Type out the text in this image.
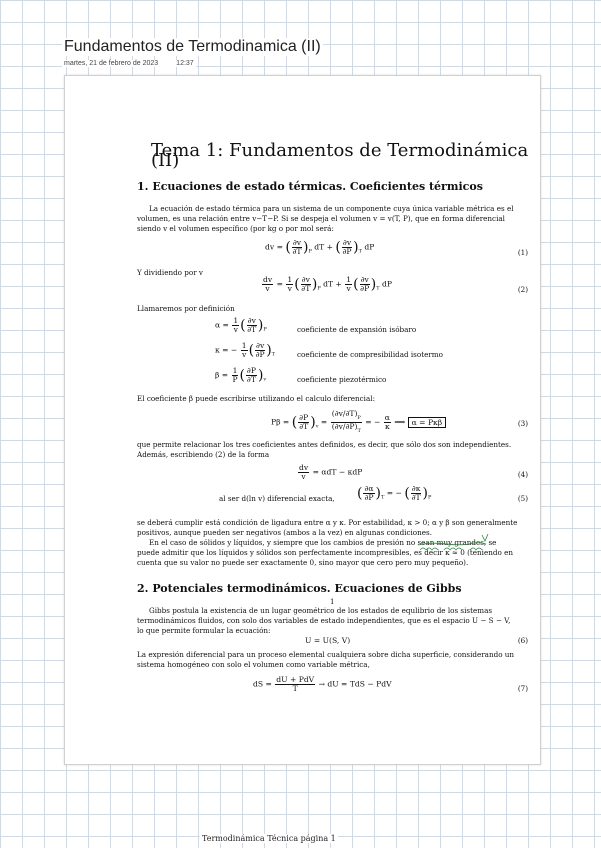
Fundamentos de Termodinamica (II)
martes, 21 de febrero de 2023	12:37
Tema 1: Fundamentos de Termodinámica (II)
1. Ecuaciones de estado térmicas. Coeficientes térmicos
La ecuación de estado térmica para un sistema de un componente cuya única variable métrica es el
volumen, es una relación entre v−T−P. Si se despeja el volumen v = v(T, P), que en forma diferencial
siendo v el volumen específico (por kg o por mol será:
dv = ( $\frac{\partial v}{\partial T} )_P$ dT + ( $\frac{\partial v}{\partial P} )_T$ dP
(1)
Y dividiendo por v
$\frac{dv}{v} = \frac{1}{v}$ ( $\frac{\partial v}{\partial T} )_P$ dT + $\frac{1}{v}$ ( $\frac{\partial v}{\partial P} )_T$ dP
(2)
Llamaremos por definición
$\alpha = \frac{1}{v}$ ( $\frac{\partial v}{\partial T} )_P$	coeficiente de expansión isóbaro
κ = − $\frac{1}{v}$ ( $\frac{\partial v}{\partial P} )_T$	coeficiente de compresibilidad isotermo
$\beta = \frac{1}{P}$ ( $\frac{\partial P}{\partial T} )_v$	coeficiente piezotérmico
El coeficiente β puede escribirse utilizando el calculo diferencial:
Pβ = ( $\frac{\partial P}{\partial T} )_v = \frac{(\partial v/\partial T)_P}{(\partial v/\partial P)_T}$ = − $\frac{\alpha}{\kappa}$ ⟹ α = Pκβ	(3)
que permite relacionar los tres coeficientes antes definidos, es decir, que sólo dos son independientes.
Además, escribiendo (2) de la forma
$\frac{dv}{v} = \alpha dT - \kappa dP$	(4)
al ser d(ln v) diferencial exacta, ( $\frac{\partial\alpha}{\partial P} )_T$ = − ( $\frac{\partial\kappa}{\partial T} )_P$	(5)
se deberá cumplir está condición de ligadura entre α y κ. Por estabilidad, κ > 0; α y β son generalmente
positivos, aunque pueden ser negativos (ambos a la vez) en algunas condiciones.
En el caso de sólidos y líquidos, y siempre que los cambios de presión no sean muy grandes, se
puede admitir que los líquidos y sólidos son perfectamente incompresibles, es decir κ ≈ 0 (teniendo en
cuenta que su valor no puede ser exactamente 0, sino mayor que cero pero muy pequeño).
2. Potenciales termodinámicos. Ecuaciones de Gibbs
Gibbs postula la existencia de un lugar geométrico de los estados de equlibrio de los sistemas
termodinámicos fluidos, con solo dos variables de estado independientes, que es el espacio U − S − V,
lo que permite formular la ecuación:
U = U(S, V)	(6)
La expresión diferencial para un proceso elemental cualquiera sobre dicha superficie, considerando un
sistema homogéneo con solo el volumen como variable métrica,
dS = $\frac{\text{dU + PdV}}{T}$ → dU = TdS − PdV	(7)
1
Termodinámica Técnica página 1
